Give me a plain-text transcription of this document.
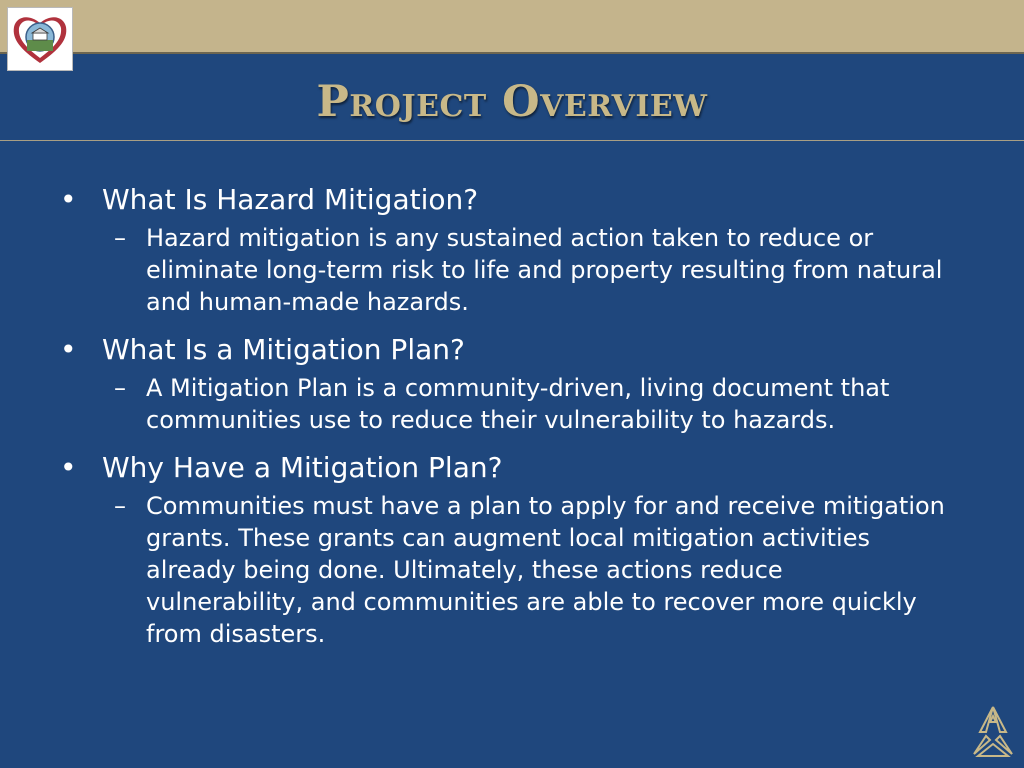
Project Overview
• What Is Hazard Mitigation?
– Hazard mitigation is any sustained action taken to reduce or eliminate long-term risk to life and property resulting from natural and human-made hazards.
• What Is a Mitigation Plan?
– A Mitigation Plan is a community-driven, living document that communities use to reduce their vulnerability to hazards.
• Why Have a Mitigation Plan?
– Communities must have a plan to apply for and receive mitigation grants. These grants can augment local mitigation activities already being done. Ultimately, these actions reduce vulnerability, and communities are able to recover more quickly from disasters.
